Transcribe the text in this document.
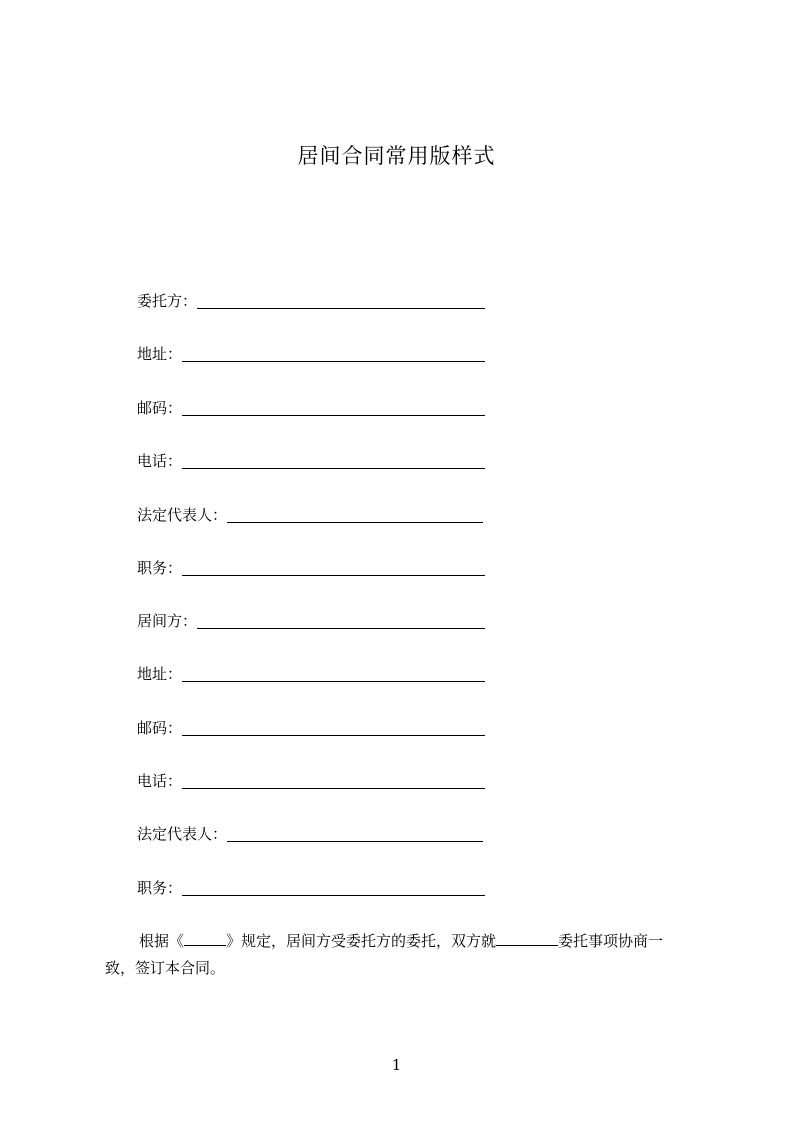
居间合同常用版样式
委托方：
地址：
邮码：
电话：
法定代表人：
职务：
居间方：
地址：
邮码：
电话：
法定代表人：
职务：
根据《	》规定，居间方受委托方的委托，双方就	委托事项协商一
致，签订本合同。
1
